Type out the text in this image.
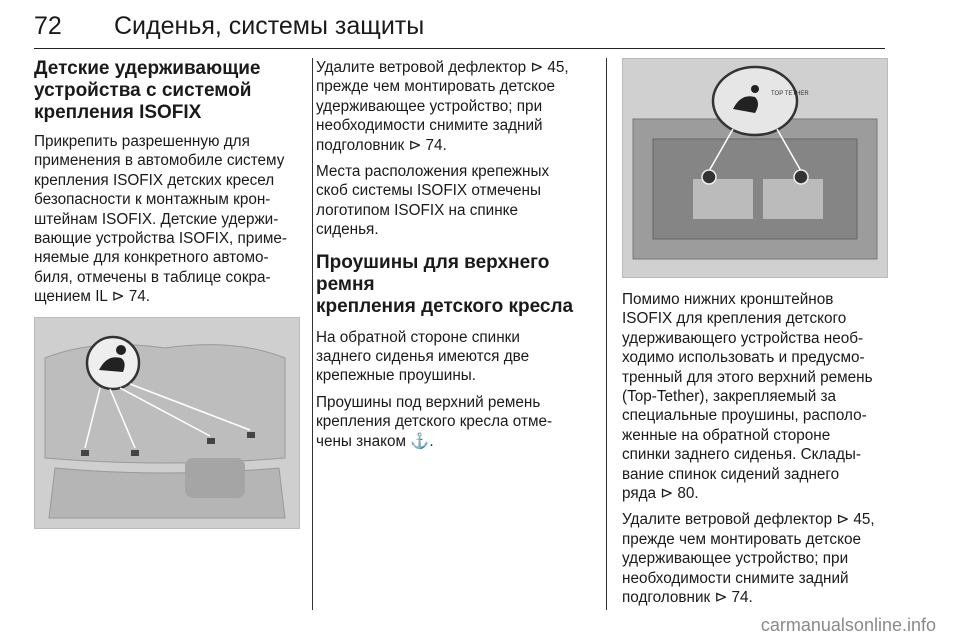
72 Сиденья, системы защиты
Детские удерживающие
устройства с системой
крепления ISOFIX
Прикрепить разрешенную для
применения в автомобиле систему
крепления ISOFIX детских кресел
безопасности к монтажным крон-
штейнам ISOFIX. Детские удержи-
вающие устройства ISOFIX, приме-
няемые для конкретного автомо-
биля, отмечены в таблице сокра-
щением IL ⊳ 74.
Удалите ветровой дефлектор ⊳ 45,
прежде чем монтировать детское
удерживающее устройство; при
необходимости снимите задний
подголовник ⊳ 74.
Места расположения крепежных
скоб системы ISOFIX отмечены
логотипом ISOFIX на спинке
сиденья.
Проушины для верхнего ремня
крепления детского кресла
На обратной стороне спинки
заднего сиденья имеются две
крепежные проушины.
Проушины под верхний ремень
крепления детского кресла отме-
чены знаком ⚓.
TOP TETHER
Помимо нижних кронштейнов
ISOFIX для крепления детского
удерживающего устройства необ-
ходимо использовать и предусмо-
тренный для этого верхний ремень
(Top-Tether), закрепляемый за
специальные проушины, располо-
женные на обратной стороне
спинки заднего сиденья. Склады-
вание спинок сидений заднего
ряда ⊳ 80.
Удалите ветровой дефлектор ⊳ 45,
прежде чем монтировать детское
удерживающее устройство; при
необходимости снимите задний
подголовник ⊳ 74.
carmanualsonline.info
